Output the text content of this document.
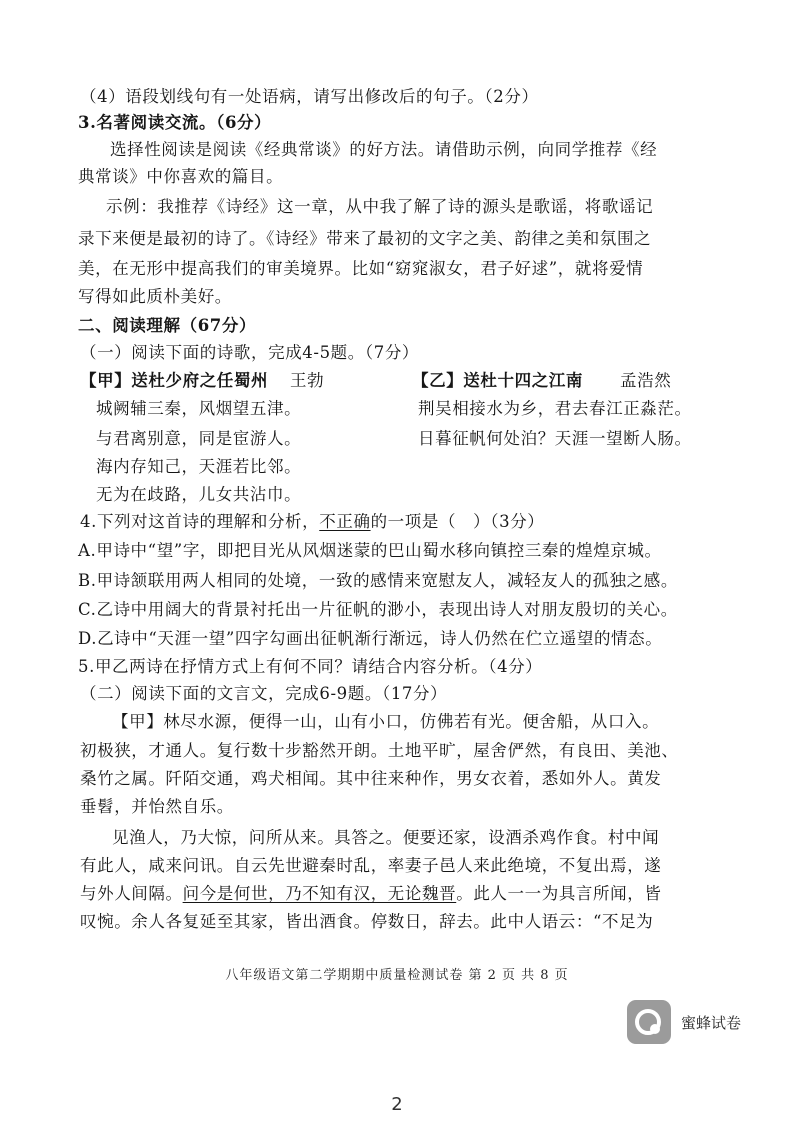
（4）语段划线句有一处语病，请写出修改后的句子。（2分）
3.名著阅读交流。（6分）
选择性阅读是阅读《经典常谈》的好方法。请借助示例，向同学推荐《经
典常谈》中你喜欢的篇目。
示例：我推荐《诗经》这一章，从中我了解了诗的源头是歌谣，将歌谣记
录下来便是最初的诗了。《诗经》带来了最初的文字之美、韵律之美和氛围之
美，在无形中提高我们的审美境界。比如“窈窕淑女，君子好逑”，就将爱情
写得如此质朴美好。
二、阅读理解（67分）
（一）阅读下面的诗歌，完成4-5题。（7分）
【甲】送杜少府之任蜀州 王勃	【乙】送杜十四之江南 孟浩然
城阙辅三秦，风烟望五津。	荆吴相接水为乡，君去春江正淼茫。
与君离别意，同是宦游人。	日暮征帆何处泊？天涯一望断人肠。
海内存知己，天涯若比邻。
无为在歧路，儿女共沾巾。
4.下列对这首诗的理解和分析，不正确的一项是（　）（3分）
A.甲诗中“望”字，即把目光从风烟迷蒙的巴山蜀水移向镇控三秦的煌煌京城。
B.甲诗颔联用两人相同的处境，一致的感情来宽慰友人，减轻友人的孤独之感。
C.乙诗中用阔大的背景衬托出一片征帆的渺小，表现出诗人对朋友殷切的关心。
D.乙诗中“天涯一望”四字勾画出征帆渐行渐远，诗人仍然在伫立遥望的情态。
5.甲乙两诗在抒情方式上有何不同？请结合内容分析。（4分）
（二）阅读下面的文言文，完成6-9题。（17分）
【甲】林尽水源，便得一山，山有小口，仿佛若有光。便舍船，从口入。
初极狭，才通人。复行数十步豁然开朗。土地平旷，屋舍俨然，有良田、美池、
桑竹之属。阡陌交通，鸡犬相闻。其中往来种作，男女衣着，悉如外人。黄发
垂髫，并怡然自乐。
见渔人，乃大惊，问所从来。具答之。便要还家，设酒杀鸡作食。村中闻
有此人，咸来问讯。自云先世避秦时乱，率妻子邑人来此绝境，不复出焉，遂
与外人间隔。问今是何世，乃不知有汉，无论魏晋。此人一一为具言所闻，皆
叹惋。余人各复延至其家，皆出酒食。停数日，辞去。此中人语云：“不足为
八年级语文第二学期期中质量检测试卷 第 2 页 共 8 页
蜜蜂试卷
2
